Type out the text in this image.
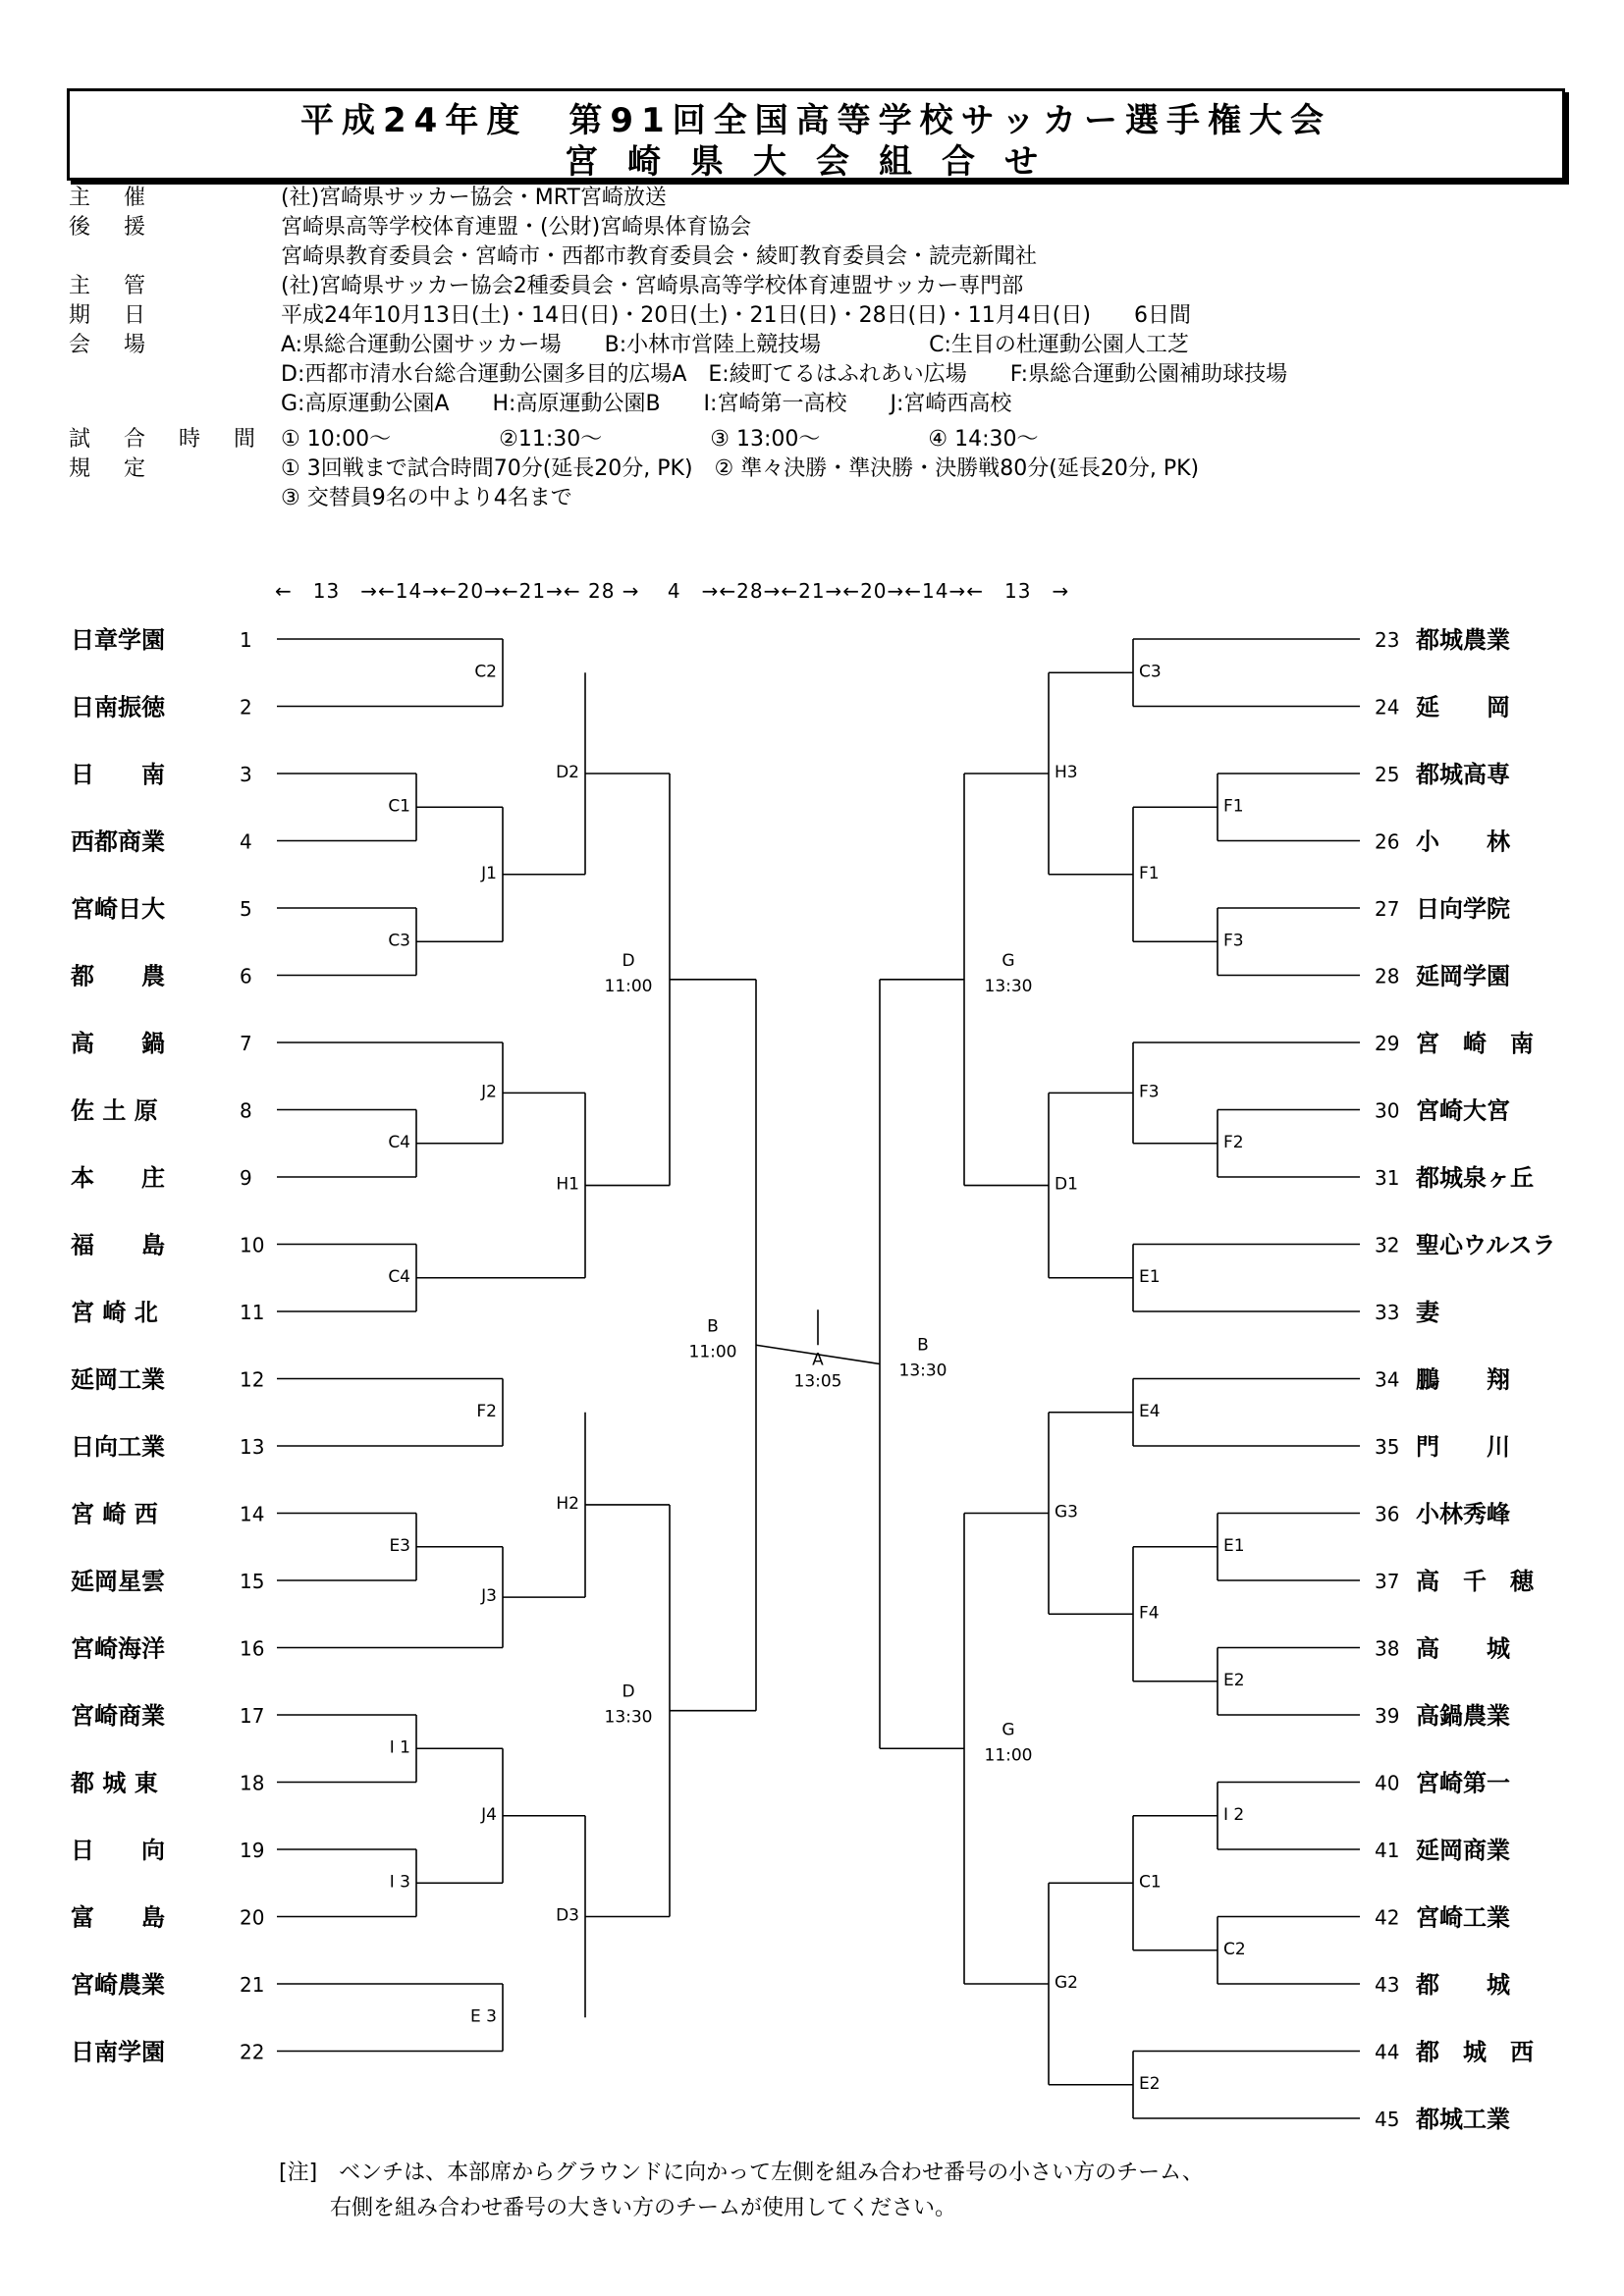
平成24年度　第91回全国高等学校サッカー選手権大会
宮崎県大会組合せ
主催	(社)宮崎県サッカー協会・MRT宮崎放送
後援	宮崎県高等学校体育連盟・(公財)宮崎県体育協会
宮崎県教育委員会・宮崎市・西都市教育委員会・綾町教育委員会・読売新聞社
主管	(社)宮崎県サッカー協会2種委員会・宮崎県高等学校体育連盟サッカー専門部
期日	平成24年10月13日(土)・14日(日)・20日(土)・21日(日)・28日(日)・11月4日(日)　　6日間
会場	A:県総合運動公園サッカー場　　B:小林市営陸上競技場　　　　　C:生目の杜運動公園人工芝
D:西都市清水台総合運動公園多目的広場A　E:綾町てるはふれあい広場　　F:県総合運動公園補助球技場
G:高原運動公園A　　H:高原運動公園B　　I:宮崎第一高校　　J:宮崎西高校
試合時間
① 10:00～　　　　　②11:30～　　　　　③ 13:00～　　　　　④ 14:30～
規定	① 3回戦まで試合時間70分(延長20分, PK)　② 準々決勝・準決勝・決勝戦80分(延長20分, PK)
③ 交替員9名の中より4名まで
←　13　→←14→←20→←21→← 28 →　 4　→←28→←21→←20→←14→←　13　→
日章学園	1
日南振徳	2
日　　南	3
西都商業	4
宮崎日大	5
都　　農	6
高　　鍋	7
佐 土 原	8
本　　庄	9
福　　島	10
宮 崎 北	11
延岡工業	12
日向工業	13
宮 崎 西	14
延岡星雲	15
宮崎海洋	16
宮崎商業	17
都 城 東	18
日　　向	19
富　　島	20
宮崎農業	21
日南学園	22
23 都城農業
24 延　　岡
25 都城高専
26 小　　林
27 日向学院
28 延岡学園
29 宮　崎　南
30 宮崎大宮
31 都城泉ヶ丘
32 聖心ウルスラ
33 妻
34 鵬　　翔
35 門　　川
36 小林秀峰
37 高　千　穂
38 高　　城
39 高鍋農業
40 宮崎第一
41 延岡商業
42 宮崎工業
43 都　　城
44 都　城　西
45 都城工業
C2
C1
C3
C4
C4
F2
E3
I 1
I 3
E 3
J1
J2
J3
J4
D2
H1
H2
D3
D
11:00
D
13:30
B
11:00	A
13:05
B
13:30
G
13:30
G
11:00
H3
D1
G3
G2
C3
F1
F3
E1
E4
F4
C1
E2
F1
F3
F2
E1
E2
I 2
C2
[注]　ベンチは、本部席からグラウンドに向かって左側を組み合わせ番号の小さい方のチーム、
右側を組み合わせ番号の大きい方のチームが使用してください。
